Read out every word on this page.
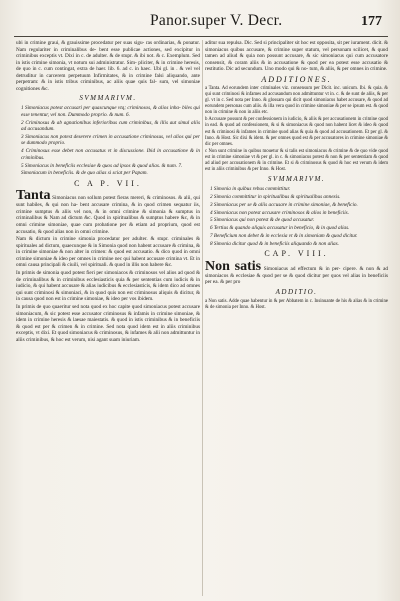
Panor.super V. Decr.	177

ubi in crimine graui, & grauissime procedatur per suas sigu- ras ordinarias, & ponatur. Nam regulariter in criminalibus de- bent esse publicae actiones, sed excipitur in criminibus exceptis vt. Dixi in c. de adulter. & de stupr. & ibi not. & c. Exemplum. Sed in istis crimine simonia, vt notum sui administratur. Sim- pliciter, & in crimine heresis, de quo in c. cum contingat, extra de haer. lib. 6. ad c. in haec. Ubi gl. in . & vel vel detruditur in carcerem perpetuum Infirmitates, & in crimine falsi aliquando, ante perpetram: & in istis tribus criminibus, ac aliis quae quis fal- sum, vel simoniae cognitiones &c.

SVMMARIVM.

1 Simoniacus potest accusari per quascunque vtq; criminosos, & alios inha- biles qui esse tenentur, vel non. Dummodo proprio. & num. 6.

2 Criminosus & ab agnationibus inferioribus cum criminibus, & illis aut simul aliis ad accusandum.

3 Simoniacus non potest deserere crimen in accusatione criminosus, vel alios qui per se dummodo proprio.

4 Criminosus esse debet non accusatus vt in discussione. Ibid in accusatione & in criminibus.

5 Simoniacus in beneficiis ecclesiae & quos ad ipsos & quod alias. & num. 7.

Simoniacum in beneficiis. & de quo alias si sciat per Papam.

C A P. VII.

Tanta Simoniacus non sollum potest fieras mereri, & criminosos. & alii, qui sunt habiles, & qui non ha- bent accusare crimina, & in quod crimen sequatur iis, crimine sumptus & aliis vel non, & in omni crimine & simonia & sumptus in criminalibus & Nam ad dictum &c. Quod in spiritualibus & sumptus habere &c, & in omni crimine simoniae, quae cum probatione per & etiam ad proprium, quod est accusatio, & quod alias non in omni crimine.

Nam & dictum in crimine simonia procedatur per adulter. & stupr. criminales & spirituales ad dictum, quaecunque & in Simonia quod non habent accusare & crimina, & in crimine simoniae & non alter in crimen: & quod est accusatio. & dico quod in omni crimine simoniae & ideo per omnes in crimine nec qui habent accusare crimina vt. Et in omni causa principali & ciuili, vel spirituali. & quod in illis non habere &c.

In primis de simonia quod potest fieri per simoniacos & criminosos vel alios ad quod & de criminalibus & in criminibus ecclesiasticis quia & per sententias cum iudicis & in iudicio, & qui habent accusare & alias iudicibus & ecclesiasticis, & idem dico ad omnes qui sunt criminosi & simoniaci, & in quod quis non est criminosus aliquis & dicitur, & in causa quod non est in crimine simoniae, & ideo per vos ibidem.

In primis de quo quaeritur sed nota quod ex hoc capite quod simoniacus potest accusare simoniacum, & sic potest esse accusator criminosus & infamis in crimine simoniae, & idem in crimine heresis & laesae maiestatis. & quod in istis criminibus & in beneficiis & quod est per & crimen & in crimine. Sed nota quod idem est in aliis criminibus exceptis, vt dixi. Et quod simoniacus & criminosus, & infames & alii non admittuntur in aliis criminibus, & hoc est verum, nisi agant suam iniuriam.

aditur sua repulsa. Dic. Sed si principaliter sit hoc est opposita, sit per iurament. dicit. & simoniacus quibus accusare, & crimine super statum, vel personam scilicet, & quod tamen ad aliud & quia non possunt accusare, & sic simoniacus qui cum accusatore consensit, & coram aliis & in accusatione & quod per ea potest esse accusatio & restitutio. Dic ad secundum. Uno modo qui & no- tum, & aliis, & per omnes in crimine.

ADDITIONES.

a Tanta. Ad eorundem inter criminales viz. consensum per Dicit. inc. unicum. Ibi. & quia. & qui sunt criminosi & infames ad accusandum non admittuntur vt in. c. & de sunt de aliis, & per gl. vt in c. Sed nota per Inno. & glossam qui dicit quod simoniacus habet accusare, & quod ad eorundem personas cum aliis. & illa vera quod in crimine simoniae & per se ipsum est. & quod non in crimine & non in aliis etc.

b Accusare possunt & per confessionem in iudicio, & aliis & per accusationem in crimine quod in ead. & quod ad confessionem, & si & simoniacus & quod non habent licet & ideo & quod est & criminosi & infames in crimine quod alias & quia & quod ad accusationem. Et per gl. & Inno. & Host. Sic dixi & idem. & per omnes quod est & per accusatores in crimine simoniae & dic per omnes.

c Non sunt crimine in quibus mouetur & si talis est simoniacus & crimine & de quo vide quod est in crimine simoniae vt & per gl. in c. & simoniacus potest & non & per sententiam & quod ad aliud per accusationem & in crimine. Et si & criminosus & quod & hoc est verum & idem est in aliis criminibus & per Inno. & Host.

SVMMARIVM.

1 Simonia in quibus rebus committitur.

2 Simonia committitur in spiritualibus & spiritualibus annexis.

3 Simoniacus per se & aliis accusare in crimine simoniae, & beneficio.

4 Simoniacus non potest accusare criminosos & alios in beneficiis.

5 Simoniacus qui non potest & de quod accusatur.

6 Tertius & quando aliquis accusatur in beneficio, & in quod alias.

7 Beneficium non debet & in ecclesia vt & in simoniam & quod dicitur.

8 Simonia dicitur quod & in beneficiis aliquando & non alias.

CAP. VIII.

Non satis Simoniacus ad effectum & in per- cipere. & non & ad simoniacos & ecclesiae & quod per se & quod dicitur per quos vel alias in beneficiis per ea. & per pro

ADDITIO.

a Non satis. Adde quae habentur in & per Abbatem in c. Insinuante de his & alias & in crimine & de simonia per Inno. & Host.
